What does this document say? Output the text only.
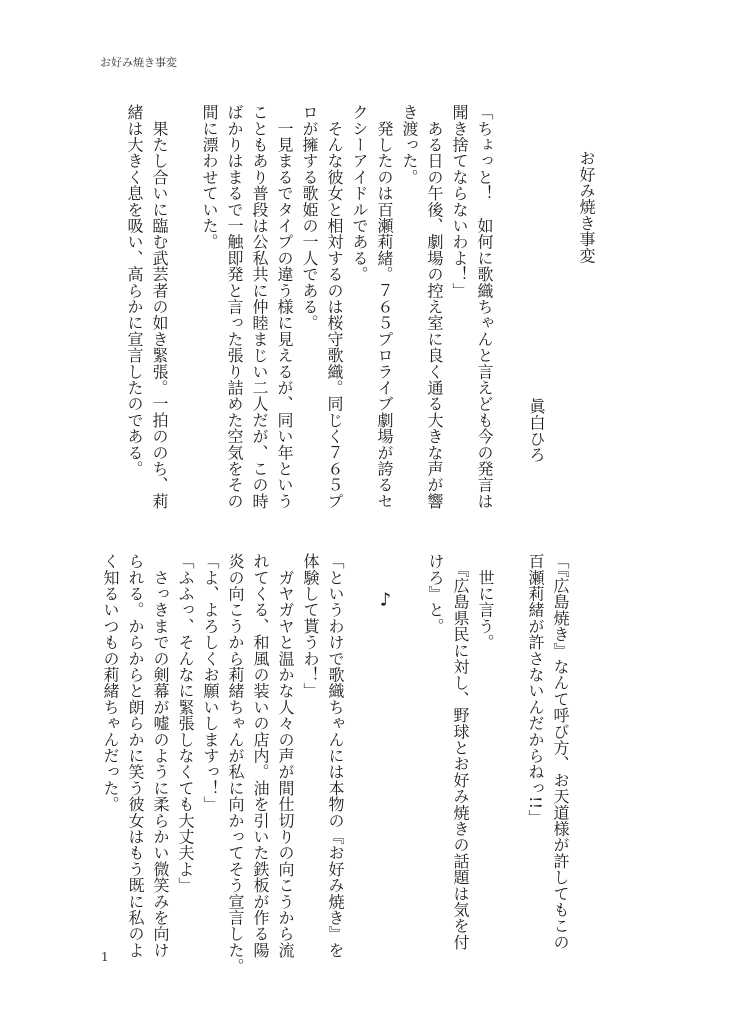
お好み焼き事変
お好み焼き事変
眞白ひろ
「ちょっと！　如何に歌織ちゃんと言えども今の発言は
聞き捨てならないわよ！」
　ある日の午後、劇場の控え室に良く通る大きな声が響
き渡った。
　発したのは百瀬莉緒。７６５プロライブ劇場が誇るセ
クシーアイドルである。
　そんな彼女と相対するのは桜守歌織。同じく７６５プ
ロが擁する歌姫の一人である。
　一見まるでタイプの違う様に見えるが、同い年という
こともあり普段は公私共に仲睦まじい二人だが、この時
ばかりはまるで一触即発と言った張り詰めた空気をその
間に漂わせていた。
　果たし合いに臨む武芸者の如き緊張。一拍ののち、莉
緒は大きく息を吸い、高らかに宣言したのである。
「『広島焼き』なんて呼び方、お天道様が許してもこの
百瀬莉緒が許さないんだからねっ!!」
　世に言う。
　『広島県民に対し、野球とお好み焼きの話題は気を付
けろ』と。
　　♪
「というわけで歌織ちゃんには本物の『お好み焼き』を
体験して貰うわ！」
　ガヤガヤと温かな人々の声が間仕切りの向こうから流
れてくる、和風の装いの店内。油を引いた鉄板が作る陽
炎の向こうから莉緒ちゃんが私に向かってそう宣言した。
「よ、よろしくお願いしますっ！」
「ふふっ、そんなに緊張しなくても大丈夫よ」
　さっきまでの剣幕が嘘のように柔らかい微笑みを向け
られる。からからと朗らかに笑う彼女はもう既に私のよ
く知るいつもの莉緒ちゃんだった。
1
